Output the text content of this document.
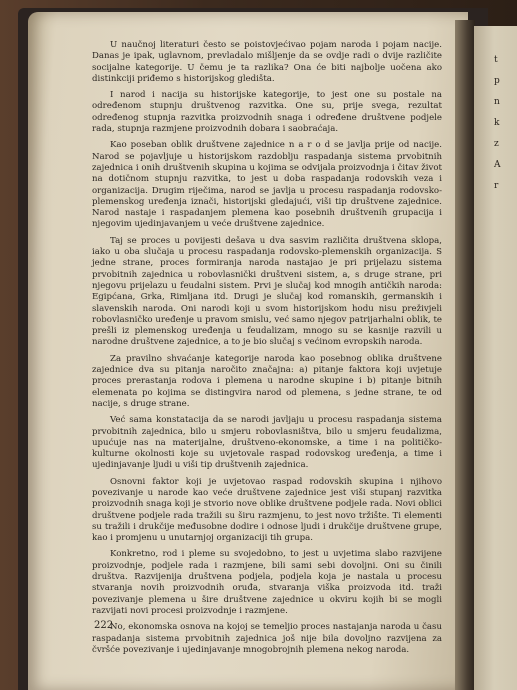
t
p
n
k
z
A
r

U naučnoj literaturi često se poistovjećivao pojam naroda i pojam nacije. Danas je ipak, uglavnom, prevladalo mišljenje da se ovdje radi o dvije različite socijalne kategorije. U čemu je ta razlika? Ona će biti najbolje uočena ako distinkciji priđemo s historijskog gledišta.

I narod i nacija su historijske kategorije, to jest one su postale na određenom stupnju društvenog razvitka. One su, prije svega, rezultat određenog stupnja razvitka proizvodnih snaga i određene društvene podjele rada, stupnja razmjene proizvodnih dobara i saobraćaja.

Kao poseban oblik društvene zajednice n a r o d se javlja prije od nacije. Narod se pojavljuje u historijskom razdoblju raspadanja sistema prvobitnih zajednica i onih društvenih skupina u kojima se odvijala proizvodnja i čitav život na dotičnom stupnju razvitka, to jest u doba raspadanja rodovskih veza i organizacija. Drugim riječima, narod se javlja u procesu raspadanja rodovsko-plemenskog uređenja iznači, historijski gledajući, viši tip društvene zajednice. Narod nastaje i raspadanjem plemena kao posebnih društvenih grupacija i njegovim ujedinjavanjem u veće društvene zajednice.

Taj se proces u povijesti dešava u dva sasvim različita društvena sklopa, iako u oba slučaja u procesu raspadanja rodovsko-plemenskih organizacija. S jedne strane, proces formiranja naroda nastajao je pri prijelazu sistema prvobitnih zajednica u robovlasnički društveni sistem, a, s druge strane, pri njegovu prijelazu u feudalni sistem. Prvi je slučaj kod mnogih antičkih naroda: Egipćana, Grka, Rimljana itd. Drugi je slučaj kod romanskih, germanskih i slavenskih naroda. Oni narodi koji u svom historijskom hodu nisu preživjeli robovlasničko uređenje u pravom smislu, već samo njegov patrijarhalni oblik, te prešli iz plemenskog uređenja u feudalizam, mnogo su se kasnije razvili u narodne društvene zajednice, a to je bio slučaj s većinom evropskih naroda.

Za pravilno shvaćanje kategorije naroda kao posebnog oblika društvene zajednice dva su pitanja naročito značajna: a) pitanje faktora koji uvjetuje proces prerastanja rodova i plemena u narodne skupine i b) pitanje bitnih elemenata po kojima se distingvira narod od plemena, s jedne strane, te od nacije, s druge strane.

Već sama konstatacija da se narodi javljaju u procesu raspadanja sistema prvobitnih zajednica, bilo u smjeru robovlasništva, bilo u smjeru feudalizma, upućuje nas na materijalne, društveno-ekonomske, a time i na političko-kulturne okolnosti koje su uvjetovale raspad rodovskog uređenja, a time i ujedinjavanje ljudi u viši tip društvenih zajednica.

Osnovni faktor koji je uvjetovao raspad rodovskih skupina i njihovo povezivanje u narode kao veće društvene zajednice jest viši stupanj razvitka proizvodnih snaga koji je stvorio nove oblike društvene podjele rada. Novi oblici društvene podjele rada tražili su širu razmjenu, to jest novo tržište. Ti elementi su tražili i drukčije međusobne dodire i odnose ljudi i drukčije društvene grupe, kao i promjenu u unutarnjoj organizaciji tih grupa.

Konkretno, rod i pleme su svojedobno, to jest u uvjetima slabo razvijene proizvodnje, podjele rada i razmjene, bili sami sebi dovoljni. Oni su činili društva. Razvijenija društvena podjela, podjela koja je nastala u procesu stvaranja novih proizvodnih oruđa, stvaranja viška proizvoda itd. traži povezivanje plemena u šire društvene zajednice u okviru kojih bi se mogli razvijati novi procesi proizvodnje i razmjene.

No, ekonomska osnova na kojoj se temeljio proces nastajanja naroda u času raspadanja sistema prvobitnih zajednica još nije bila dovoljno razvijena za čvršće povezivanje i ujedinjavanje mnogobrojnih plemena nekog naroda.

222
